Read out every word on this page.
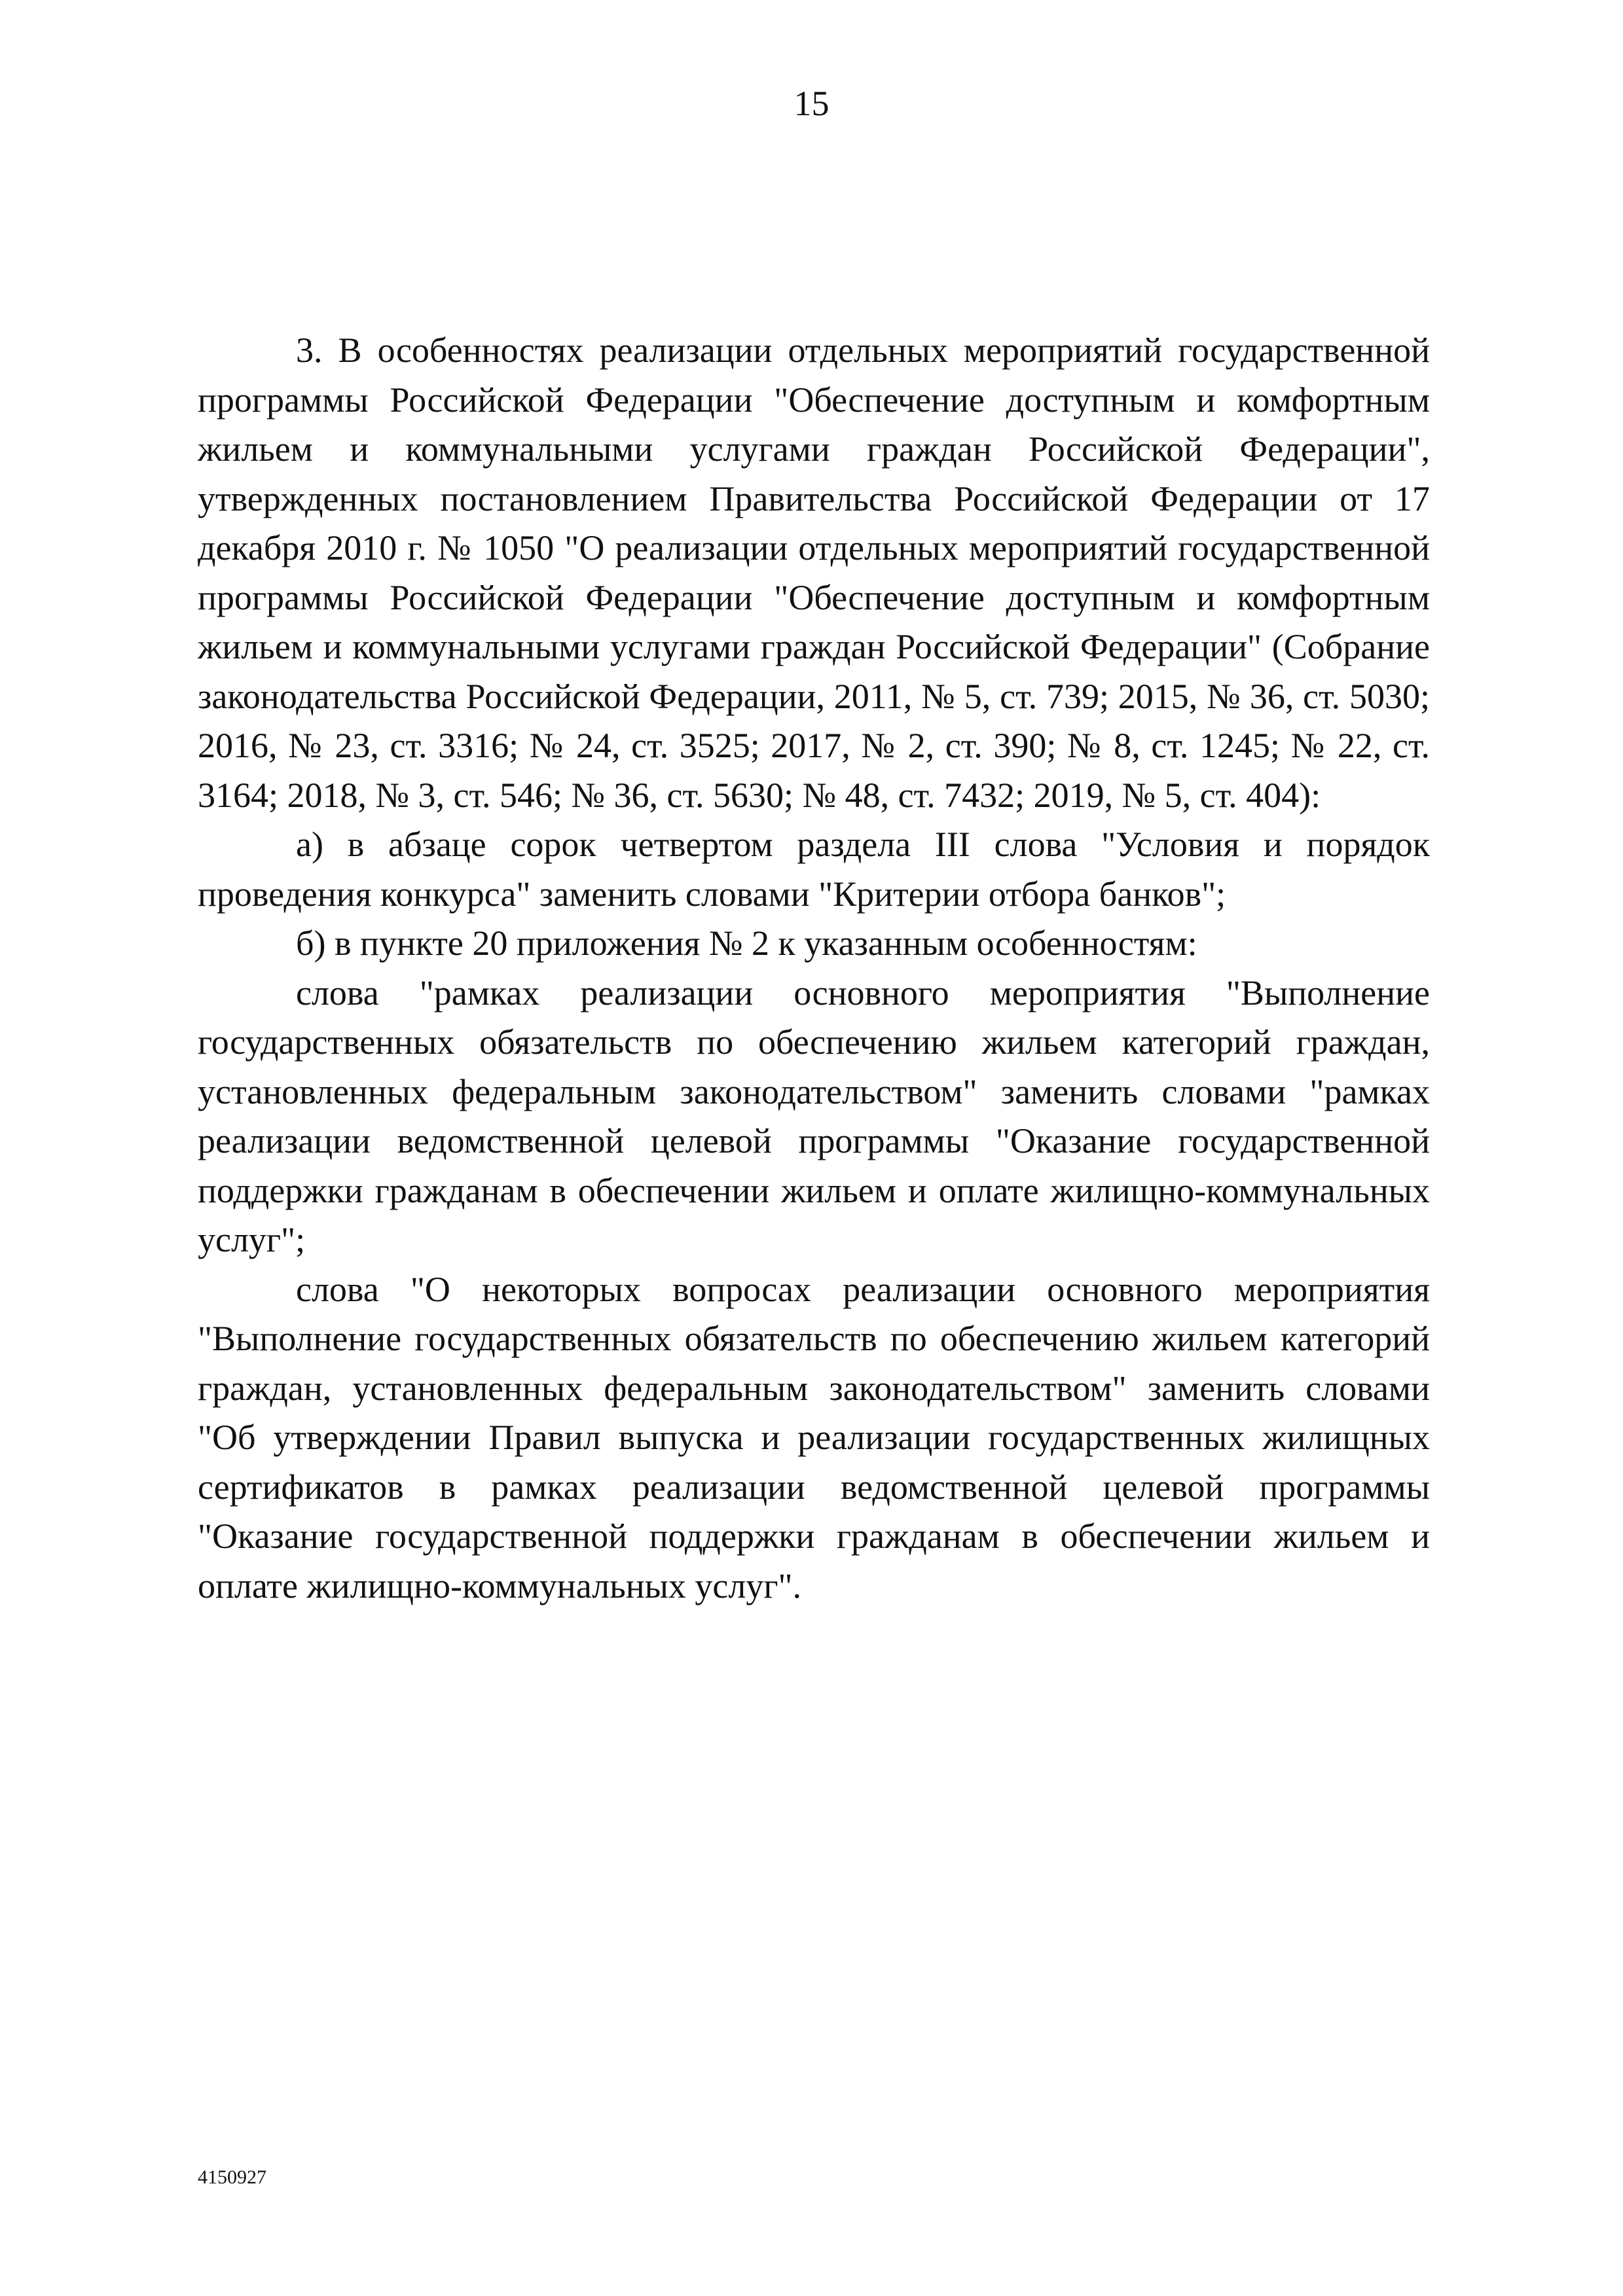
15

3. В особенностях реализации отдельных мероприятий государственной программы Российской Федерации "Обеспечение доступным и комфортным жильем и коммунальными услугами граждан Российской Федерации", утвержденных постановлением Правительства Российской Федерации от 17 декабря 2010 г. № 1050 "О реализации отдельных мероприятий государственной программы Российской Федерации "Обеспечение доступным и комфортным жильем и коммунальными услугами граждан Российской Федерации" (Собрание законодательства Российской Федерации, 2011, № 5, ст. 739; 2015, № 36, ст. 5030; 2016, № 23, ст. 3316; № 24, ст. 3525; 2017, № 2, ст. 390; № 8, ст. 1245; № 22, ст. 3164; 2018, № 3, ст. 546; № 36, ст. 5630; № 48, ст. 7432; 2019, № 5, ст. 404):

а) в абзаце сорок четвертом раздела III слова "Условия и порядок проведения конкурса" заменить словами "Критерии отбора банков";

б) в пункте 20 приложения № 2 к указанным особенностям:

слова "рамках реализации основного мероприятия "Выполнение государственных обязательств по обеспечению жильем категорий граждан, установленных федеральным законодательством" заменить словами "рамках реализации ведомственной целевой программы "Оказание государственной поддержки гражданам в обеспечении жильем и оплате жилищно-коммунальных услуг";

слова "О некоторых вопросах реализации основного мероприятия "Выполнение государственных обязательств по обеспечению жильем категорий граждан, установленных федеральным законодательством" заменить словами "Об утверждении Правил выпуска и реализации государственных жилищных сертификатов в рамках реализации ведомственной целевой программы "Оказание государственной поддержки гражданам в обеспечении жильем и оплате жилищно-коммунальных услуг".

4150927
